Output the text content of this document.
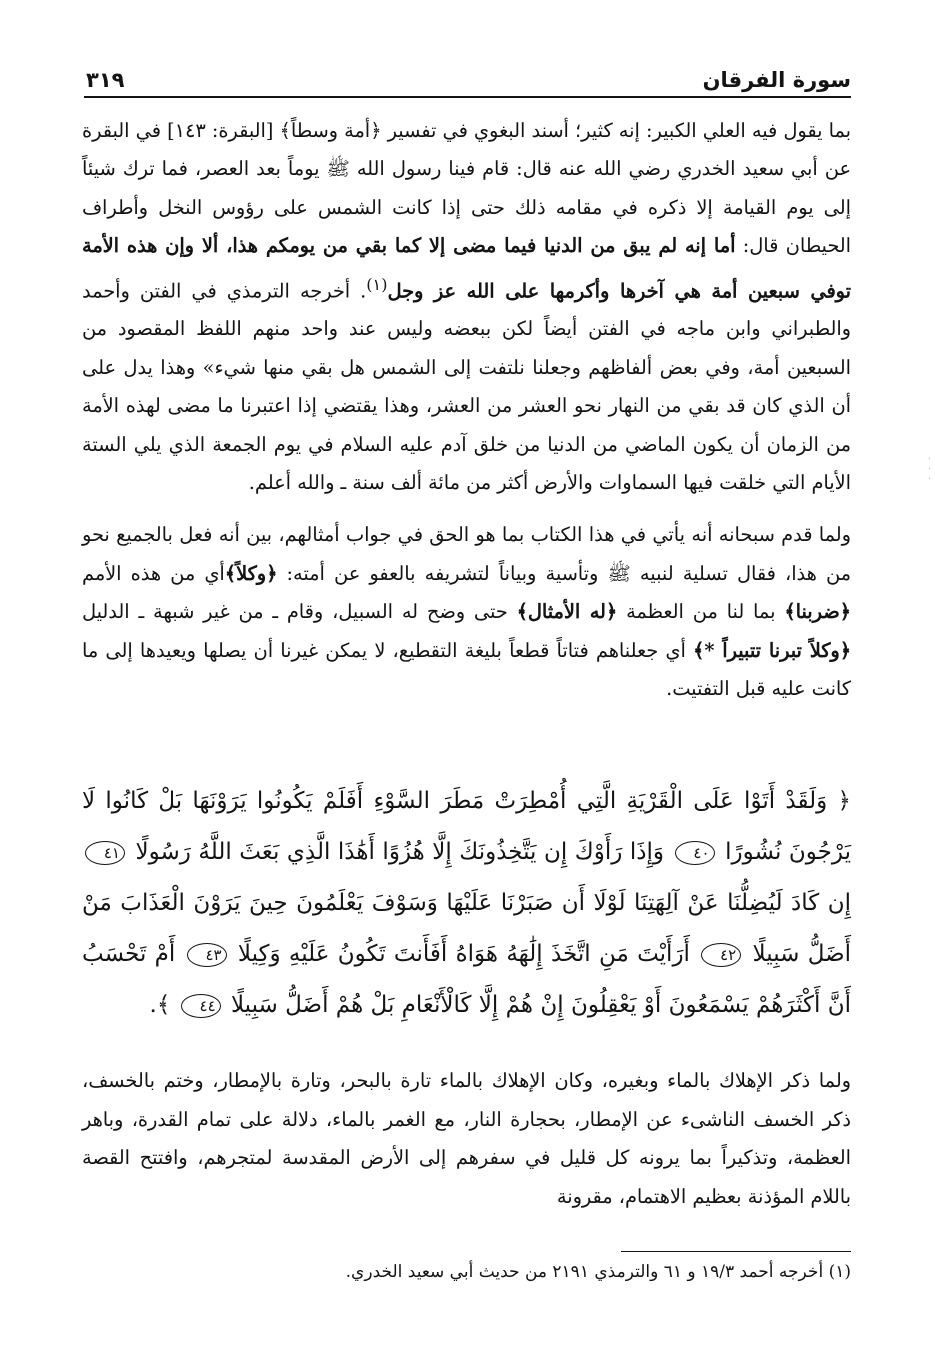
سورة الفرقان
٣١٩

بما يقول فيه العلي الكبير: إنه كثير؛ أسند البغوي في تفسير ﴿أمة وسطاً﴾ [البقرة: ١٤٣] في البقرة عن أبي سعيد الخدري رضي الله عنه قال: قام فينا رسول الله ﷺ يوماً بعد العصر، فما ترك شيئاً إلى يوم القيامة إلا ذكره في مقامه ذلك حتى إذا كانت الشمس على رؤوس النخل وأطراف الحيطان قال: أما إنه لم يبق من الدنيا فيما مضى إلا كما بقي من يومكم هذا، ألا وإن هذه الأمة توفي سبعين أمة هي آخرها وأكرمها على الله عز وجل$^{(١)}$. أخرجه الترمذي في الفتن وأحمد والطبراني وابن ماجه في الفتن أيضاً لكن ببعضه وليس عند واحد منهم اللفظ المقصود من السبعين أمة، وفي بعض ألفاظهم وجعلنا نلتفت إلى الشمس هل بقي منها شيء» وهذا يدل على أن الذي كان قد بقي من النهار نحو العشر من العشر، وهذا يقتضي إذا اعتبرنا ما مضى لهذه الأمة من الزمان أن يكون الماضي من الدنيا من خلق آدم عليه السلام في يوم الجمعة الذي يلي الستة الأيام التي خلقت فيها السماوات والأرض أكثر من مائة ألف سنة ـ والله أعلم.

ولما قدم سبحانه أنه يأتي في هذا الكتاب بما هو الحق في جواب أمثالهم، بين أنه فعل بالجميع نحو من هذا، فقال تسلية لنبيه ﷺ وتأسية وبياناً لتشريفه بالعفو عن أمته: ﴿وكلاً﴾أي من هذه الأمم ﴿ضربنا﴾ بما لنا من العظمة ﴿له الأمثال﴾ حتى وضح له السبيل، وقام ـ من غير شبهة ـ الدليل ﴿وكلاً تبرنا تتبيراً *﴾ أي جعلناهم فتاتاً قطعاً بليغة التقطيع، لا يمكن غيرنا أن يصلها ويعيدها إلى ما كانت عليه قبل التفتيت.

﴿ وَلَقَدْ أَتَوْا عَلَى الْقَرْيَةِ الَّتِي أُمْطِرَتْ مَطَرَ السَّوْءِ أَفَلَمْ يَكُونُوا يَرَوْنَهَا بَلْ كَانُوا لَا يَرْجُونَ نُشُورًا ٤٠ وَإِذَا رَأَوْكَ إِن يَتَّخِذُونَكَ إِلَّا هُزُوًا أَهَٰذَا الَّذِي بَعَثَ اللَّهُ رَسُولًا ٤١ إِن كَادَ لَيُضِلُّنَا عَنْ آلِهَتِنَا لَوْلَا أَن صَبَرْنَا عَلَيْهَا وَسَوْفَ يَعْلَمُونَ حِينَ يَرَوْنَ الْعَذَابَ مَنْ أَضَلُّ سَبِيلًا ٤٢ أَرَأَيْتَ مَنِ اتَّخَذَ إِلَٰهَهُ هَوَاهُ أَفَأَنتَ تَكُونُ عَلَيْهِ وَكِيلًا ٤٣ أَمْ تَحْسَبُ أَنَّ أَكْثَرَهُمْ يَسْمَعُونَ أَوْ يَعْقِلُونَ إِنْ هُمْ إِلَّا كَالْأَنْعَامِ بَلْ هُمْ أَضَلُّ سَبِيلًا ٤٤ ﴾.

ولما ذكر الإهلاك بالماء وبغيره، وكان الإهلاك بالماء تارة بالبحر، وتارة بالإمطار، وختم بالخسف، ذكر الخسف الناشىء عن الإمطار، بحجارة النار، مع الغمر بالماء، دلالة على تمام القدرة، وباهر العظمة، وتذكيراً بما يرونه كل قليل في سفرهم إلى الأرض المقدسة لمتجرهم، وافتتح القصة باللام المؤذنة بعظيم الاهتمام، مقرونة

(١) أخرجه أحمد ١٩/٣ و ٦١ والترمذي ٢١٩١ من حديث أبي سعيد الخدري.
·
·
·
